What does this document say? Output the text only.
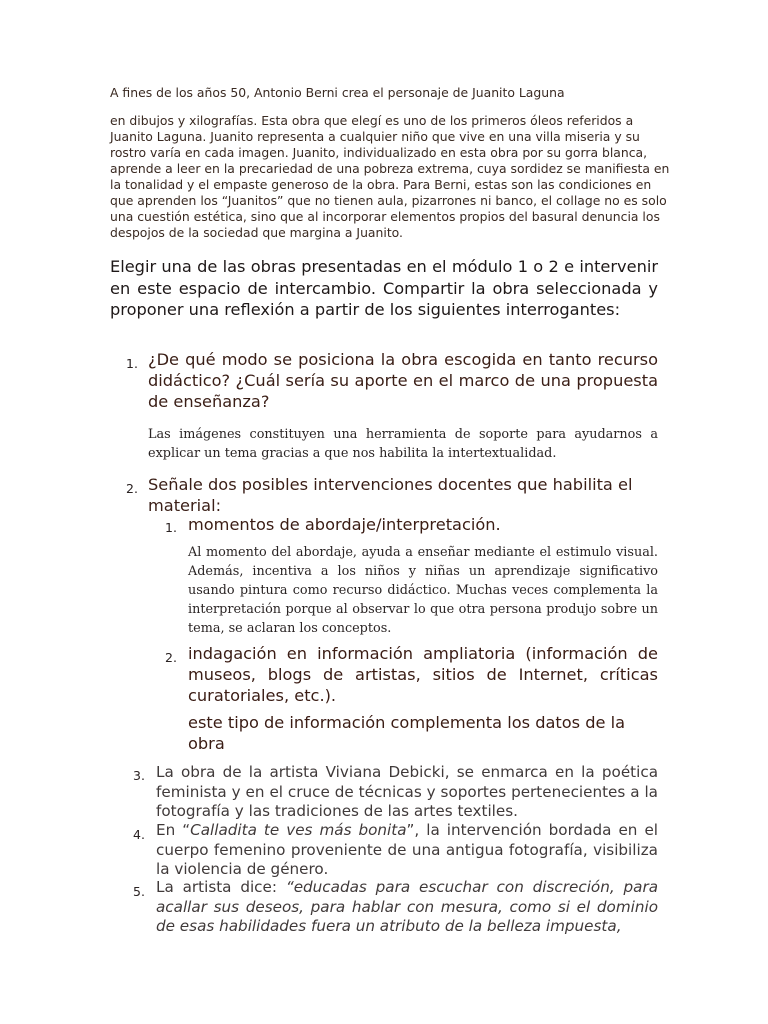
A fines de los años 50, Antonio Berni crea el personaje de Juanito Laguna

en dibujos y xilografías. Esta obra que elegí es uno de los primeros óleos referidos a Juanito Laguna. Juanito representa a cualquier niño que vive en una villa miseria y su rostro varía en cada imagen. Juanito, individualizado en esta obra por su gorra blanca, aprende a leer en la precariedad de una pobreza extrema, cuya sordidez se manifiesta en la tonalidad y el empaste generoso de la obra. Para Berni, estas son las condiciones en que aprenden los “Juanitos” que no tienen aula, pizarrones ni banco, el collage no es solo una cuestión estética, sino que al incorporar elementos propios del basural denuncia los despojos de la sociedad que margina a Juanito.

Elegir una de las obras presentadas en el módulo 1 o 2 e intervenir en este espacio de intercambio. Compartir la obra seleccionada y proponer una reflexión a partir de los siguientes interrogantes:

1. ¿De qué modo se posiciona la obra escogida en tanto recurso didáctico? ¿Cuál sería su aporte en el marco de una propuesta de enseñanza?

Las imágenes constituyen una herramienta de soporte para ayudarnos a explicar un tema gracias a que nos habilita la intertextualidad.

2. Señale dos posibles intervenciones docentes que habilita el material:

1. momentos de abordaje/interpretación.

Al momento del abordaje, ayuda a enseñar mediante el estimulo visual. Además, incentiva a los niños y niñas un aprendizaje significativo usando pintura como recurso didáctico. Muchas veces complementa la interpretación porque al observar lo que otra persona produjo sobre un tema, se aclaran los conceptos.

2. indagación en información ampliatoria (información de museos, blogs de artistas, sitios de Internet, críticas curatoriales, etc.).

este tipo de información complementa los datos de la obra

3. La obra de la artista Viviana Debicki, se enmarca en la poética feminista y en el cruce de técnicas y soportes pertenecientes a la fotografía y las tradiciones de las artes textiles.

4. En “Calladita te ves más bonita”, la intervención bordada en el cuerpo femenino proveniente de una antigua fotografía, visibiliza la violencia de género.

5. La artista dice: “educadas para escuchar con discreción, para acallar sus deseos, para hablar con mesura, como si el dominio de esas habilidades fuera un atributo de la belleza impuesta,
